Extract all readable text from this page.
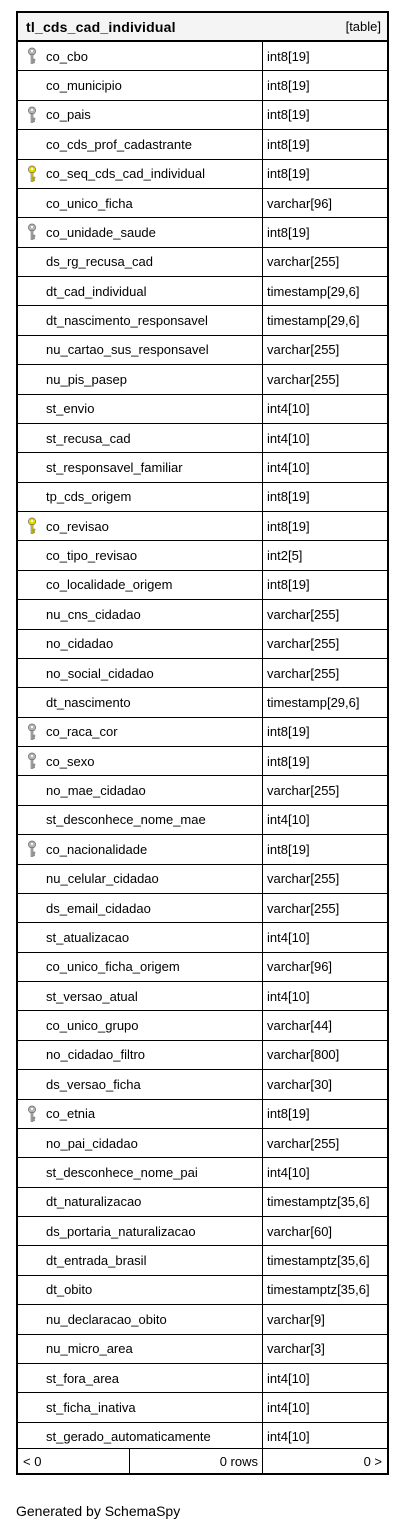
tl_cds_cad_individual	[table]
co_cbo	int8[19]
co_municipio	int8[19]
co_pais	int8[19]
co_cds_prof_cadastrante	int8[19]
co_seq_cds_cad_individual	int8[19]
co_unico_ficha	varchar[96]
co_unidade_saude	int8[19]
ds_rg_recusa_cad	varchar[255]
dt_cad_individual	timestamp[29,6]
dt_nascimento_responsavel	timestamp[29,6]
nu_cartao_sus_responsavel	varchar[255]
nu_pis_pasep	varchar[255]
st_envio	int4[10]
st_recusa_cad	int4[10]
st_responsavel_familiar	int4[10]
tp_cds_origem	int8[19]
co_revisao	int8[19]
co_tipo_revisao	int2[5]
co_localidade_origem	int8[19]
nu_cns_cidadao	varchar[255]
no_cidadao	varchar[255]
no_social_cidadao	varchar[255]
dt_nascimento	timestamp[29,6]
co_raca_cor	int8[19]
co_sexo	int8[19]
no_mae_cidadao	varchar[255]
st_desconhece_nome_mae	int4[10]
co_nacionalidade	int8[19]
nu_celular_cidadao	varchar[255]
ds_email_cidadao	varchar[255]
st_atualizacao	int4[10]
co_unico_ficha_origem	varchar[96]
st_versao_atual	int4[10]
co_unico_grupo	varchar[44]
no_cidadao_filtro	varchar[800]
ds_versao_ficha	varchar[30]
co_etnia	int8[19]
no_pai_cidadao	varchar[255]
st_desconhece_nome_pai	int4[10]
dt_naturalizacao	timestamptz[35,6]
ds_portaria_naturalizacao	varchar[60]
dt_entrada_brasil	timestamptz[35,6]
dt_obito	timestamptz[35,6]
nu_declaracao_obito	varchar[9]
nu_micro_area	varchar[3]
st_fora_area	int4[10]
st_ficha_inativa	int4[10]
st_gerado_automaticamente	int4[10]
< 0	0 rows	0 >
Generated by SchemaSpy
